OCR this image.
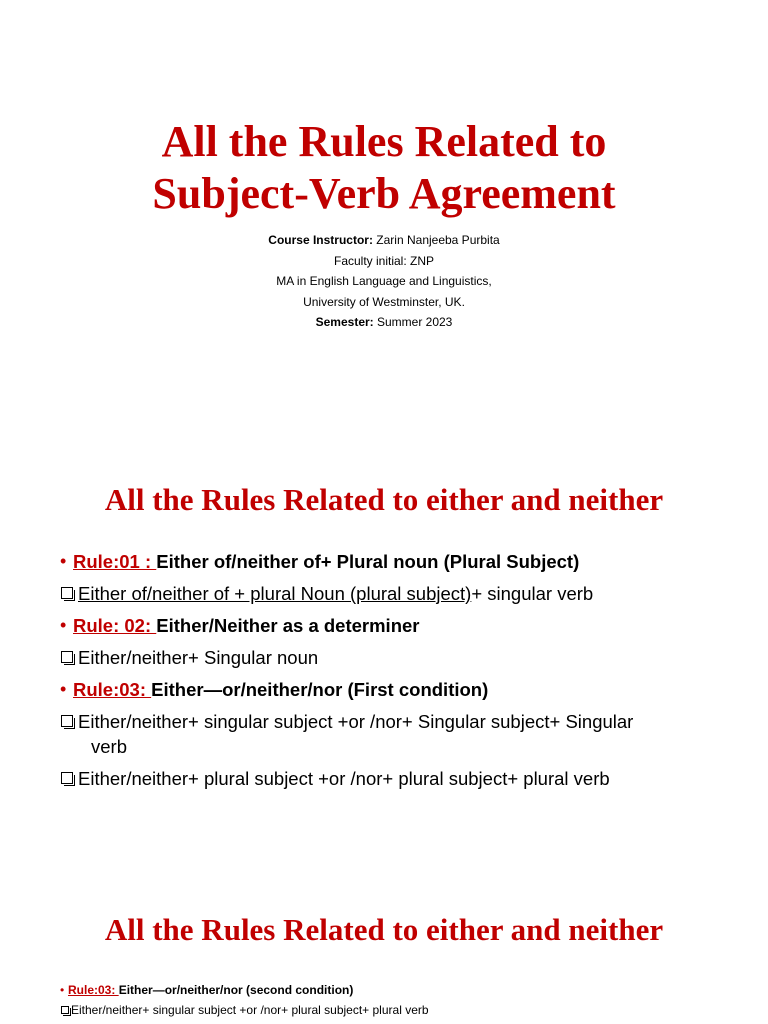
All the Rules Related to
Subject-Verb Agreement
Course Instructor: Zarin Nanjeeba Purbita
Faculty initial: ZNP
MA in English Language and Linguistics,
University of Westminster, UK.
Semester: Summer 2023
All the Rules Related to either and neither
• Rule:01 : Either of/neither of+ Plural noun (Plural Subject)
Either of/neither of + plural Noun (plural subject)+ singular verb
• Rule: 02: Either/Neither as a determiner
Either/neither+ Singular noun
• Rule:03: Either—or/neither/nor (First condition)
Either/neither+ singular subject +or /nor+ Singular subject+ Singular
verb
Either/neither+ plural subject +or /nor+ plural subject+ plural verb
All the Rules Related to either and neither
• Rule:03: Either—or/neither/nor (second condition)
Either/neither+ singular subject +or /nor+ plural subject+ plural verb
